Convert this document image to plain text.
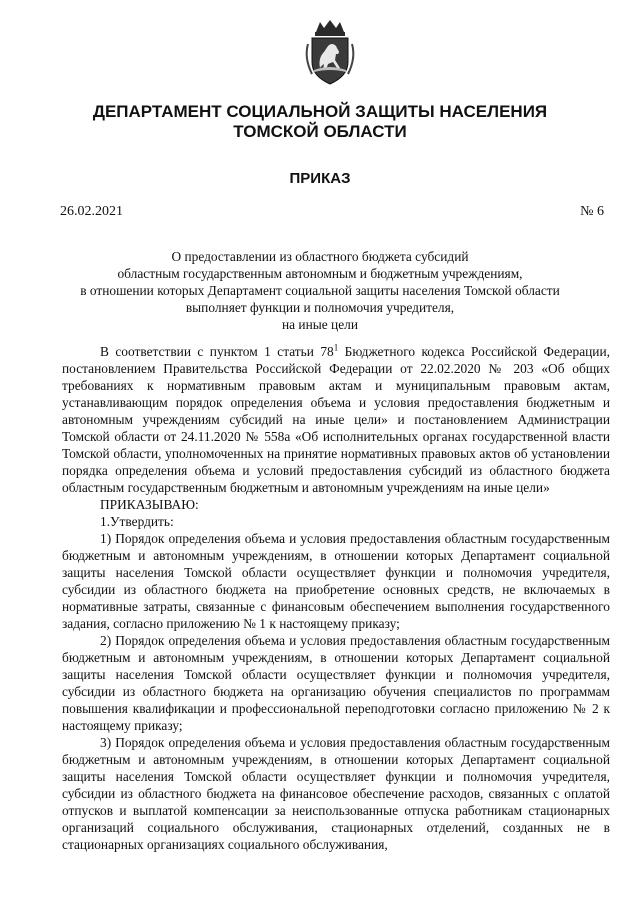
ДЕПАРТАМЕНТ СОЦИАЛЬНОЙ ЗАЩИТЫ НАСЕЛЕНИЯ
ТОМСКОЙ ОБЛАСТИ
ПРИКАЗ
26.02.2021	№ 6
О предоставлении из областного бюджета субсидий
областным государственным автономным и бюджетным учреждениям,
в отношении которых Департамент социальной защиты населения Томской области
выполняет функции и полномочия учредителя,
на иные цели

В соответствии с пунктом 1 статьи $78^1$ Бюджетного кодекса Российской Федерации, постановлением Правительства Российской Федерации от 22.02.2020 № 203 «Об общих требованиях к нормативным правовым актам и муниципальным правовым актам, устанавливающим порядок определения объема и условия предоставления бюджетным и автономным учреждениям субсидий на иные цели» и постановлением Администрации Томской области от 24.11.2020 № 558а «Об исполнительных органах государственной власти Томской области, уполномоченных на принятие нормативных правовых актов об установлении порядка определения объема и условий предоставления субсидий из областного бюджета областным государственным бюджетным и автономным учреждениям на иные цели»

ПРИКАЗЫВАЮ:

1.Утвердить:

1) Порядок определения объема и условия предоставления областным государственным бюджетным и автономным учреждениям, в отношении которых Департамент социальной защиты населения Томской области осуществляет функции и полномочия учредителя, субсидии из областного бюджета на приобретение основных средств, не включаемых в нормативные затраты, связанные с финансовым обеспечением выполнения государственного задания, согласно приложению № 1 к настоящему приказу;

2) Порядок определения объема и условия предоставления областным государственным бюджетным и автономным учреждениям, в отношении которых Департамент социальной защиты населения Томской области осуществляет функции и полномочия учредителя, субсидии из областного бюджета на организацию обучения специалистов по программам повышения квалификации и профессиональной переподготовки согласно приложению № 2 к настоящему приказу;

3) Порядок определения объема и условия предоставления областным государственным бюджетным и автономным учреждениям, в отношении которых Департамент социальной защиты населения Томской области осуществляет функции и полномочия учредителя, субсидии из областного бюджета на финансовое обеспечение расходов, связанных с оплатой отпусков и выплатой компенсации за неиспользованные отпуска работникам стационарных организаций социального обслуживания, стационарных отделений, созданных не в стационарных организациях социального обслуживания,
